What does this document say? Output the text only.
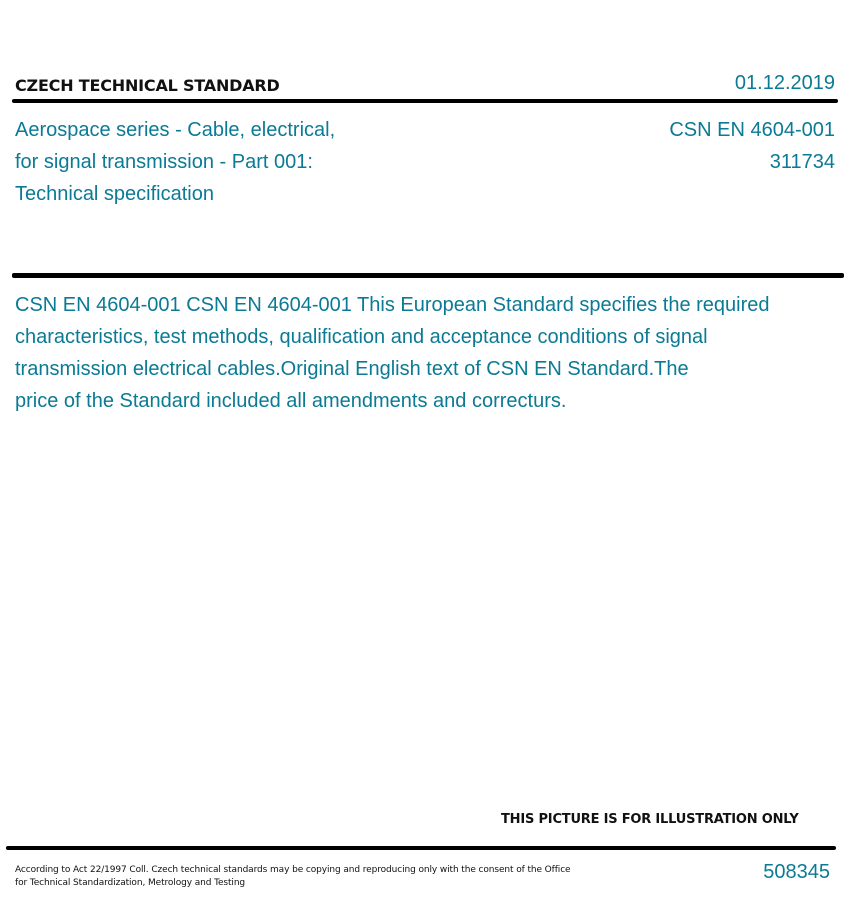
CZECH TECHNICAL STANDARD	01.12.2019
Aerospace series - Cable, electrical,
for signal transmission - Part 001:
Technical specification
CSN EN 4604-001
311734
CSN EN 4604-001 CSN EN 4604-001 This European Standard specifies the required
characteristics, test methods, qualification and acceptance conditions of signal
transmission electrical cables.Original English text of CSN EN Standard.The
price of the Standard included all amendments and correcturs.
THIS PICTURE IS FOR ILLUSTRATION ONLY
According to Act 22/1997 Coll. Czech technical standards may be copying and reproducing only with the consent of the Office
for Technical Standardization, Metrology and Testing	508345
